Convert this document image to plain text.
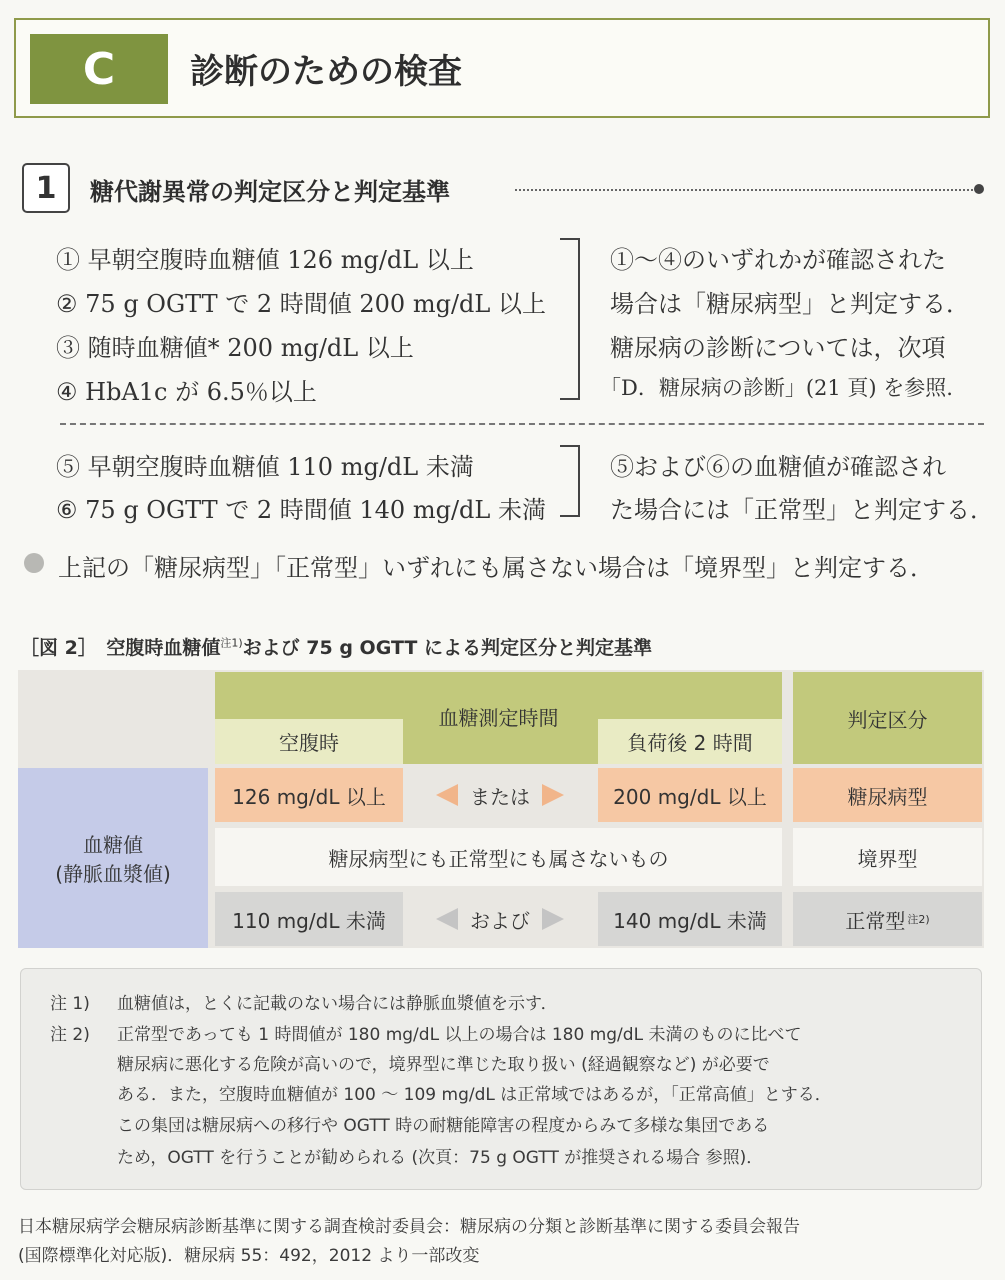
C	診断のための検査
1	糖代謝異常の判定区分と判定基準
① 早朝空腹時血糖値 126 mg/dL 以上
② 75 g OGTT で 2 時間値 200 mg/dL 以上
③ 随時血糖値* 200 mg/dL 以上
④ HbA1c が 6.5％以上
①〜④のいずれかが確認された
場合は「糖尿病型」と判定する．
糖尿病の診断については，次項
「D．糖尿病の診断」(21 頁) を参照.
⑤ 早朝空腹時血糖値 110 mg/dL 未満
⑥ 75 g OGTT で 2 時間値 140 mg/dL 未満
⑤および⑥の血糖値が確認され
た場合には「正常型」と判定する．
上記の「糖尿病型」「正常型」いずれにも属さない場合は「境界型」と判定する．
［図 2］　 空腹時血糖値$^{注1)}$および 75 g OGTT による判定区分と判定基準
血糖測定時間
空腹時	負荷後 2 時間
判定区分
血糖値
(静脈血漿値)
126 mg/dL 以上	または	200 mg/dL 以上	糖尿病型
糖尿病型にも正常型にも属さないもの	境界型
110 mg/dL 未満	および	140 mg/dL 未満	正常型 注2)
注 1) 血糖値は，とくに記載のない場合には静脈血漿値を示す．
注 2) 正常型であっても 1 時間値が 180 mg/dL 以上の場合は 180 mg/dL 未満のものに比べて
糖尿病に悪化する危険が高いので，境界型に準じた取り扱い (経過観察など) が必要で
ある．また，空腹時血糖値が 100 〜 109 mg/dL は正常域ではあるが，「正常高値」とする．
この集団は糖尿病への移行や OGTT 時の耐糖能障害の程度からみて多様な集団である
ため，OGTT を行うことが勧められる (次頁：75 g OGTT が推奨される場合 参照)．
日本糖尿病学会糖尿病診断基準に関する調査検討委員会：糖尿病の分類と診断基準に関する委員会報告
(国際標準化対応版)．糖尿病 55：492，2012 より一部改変
